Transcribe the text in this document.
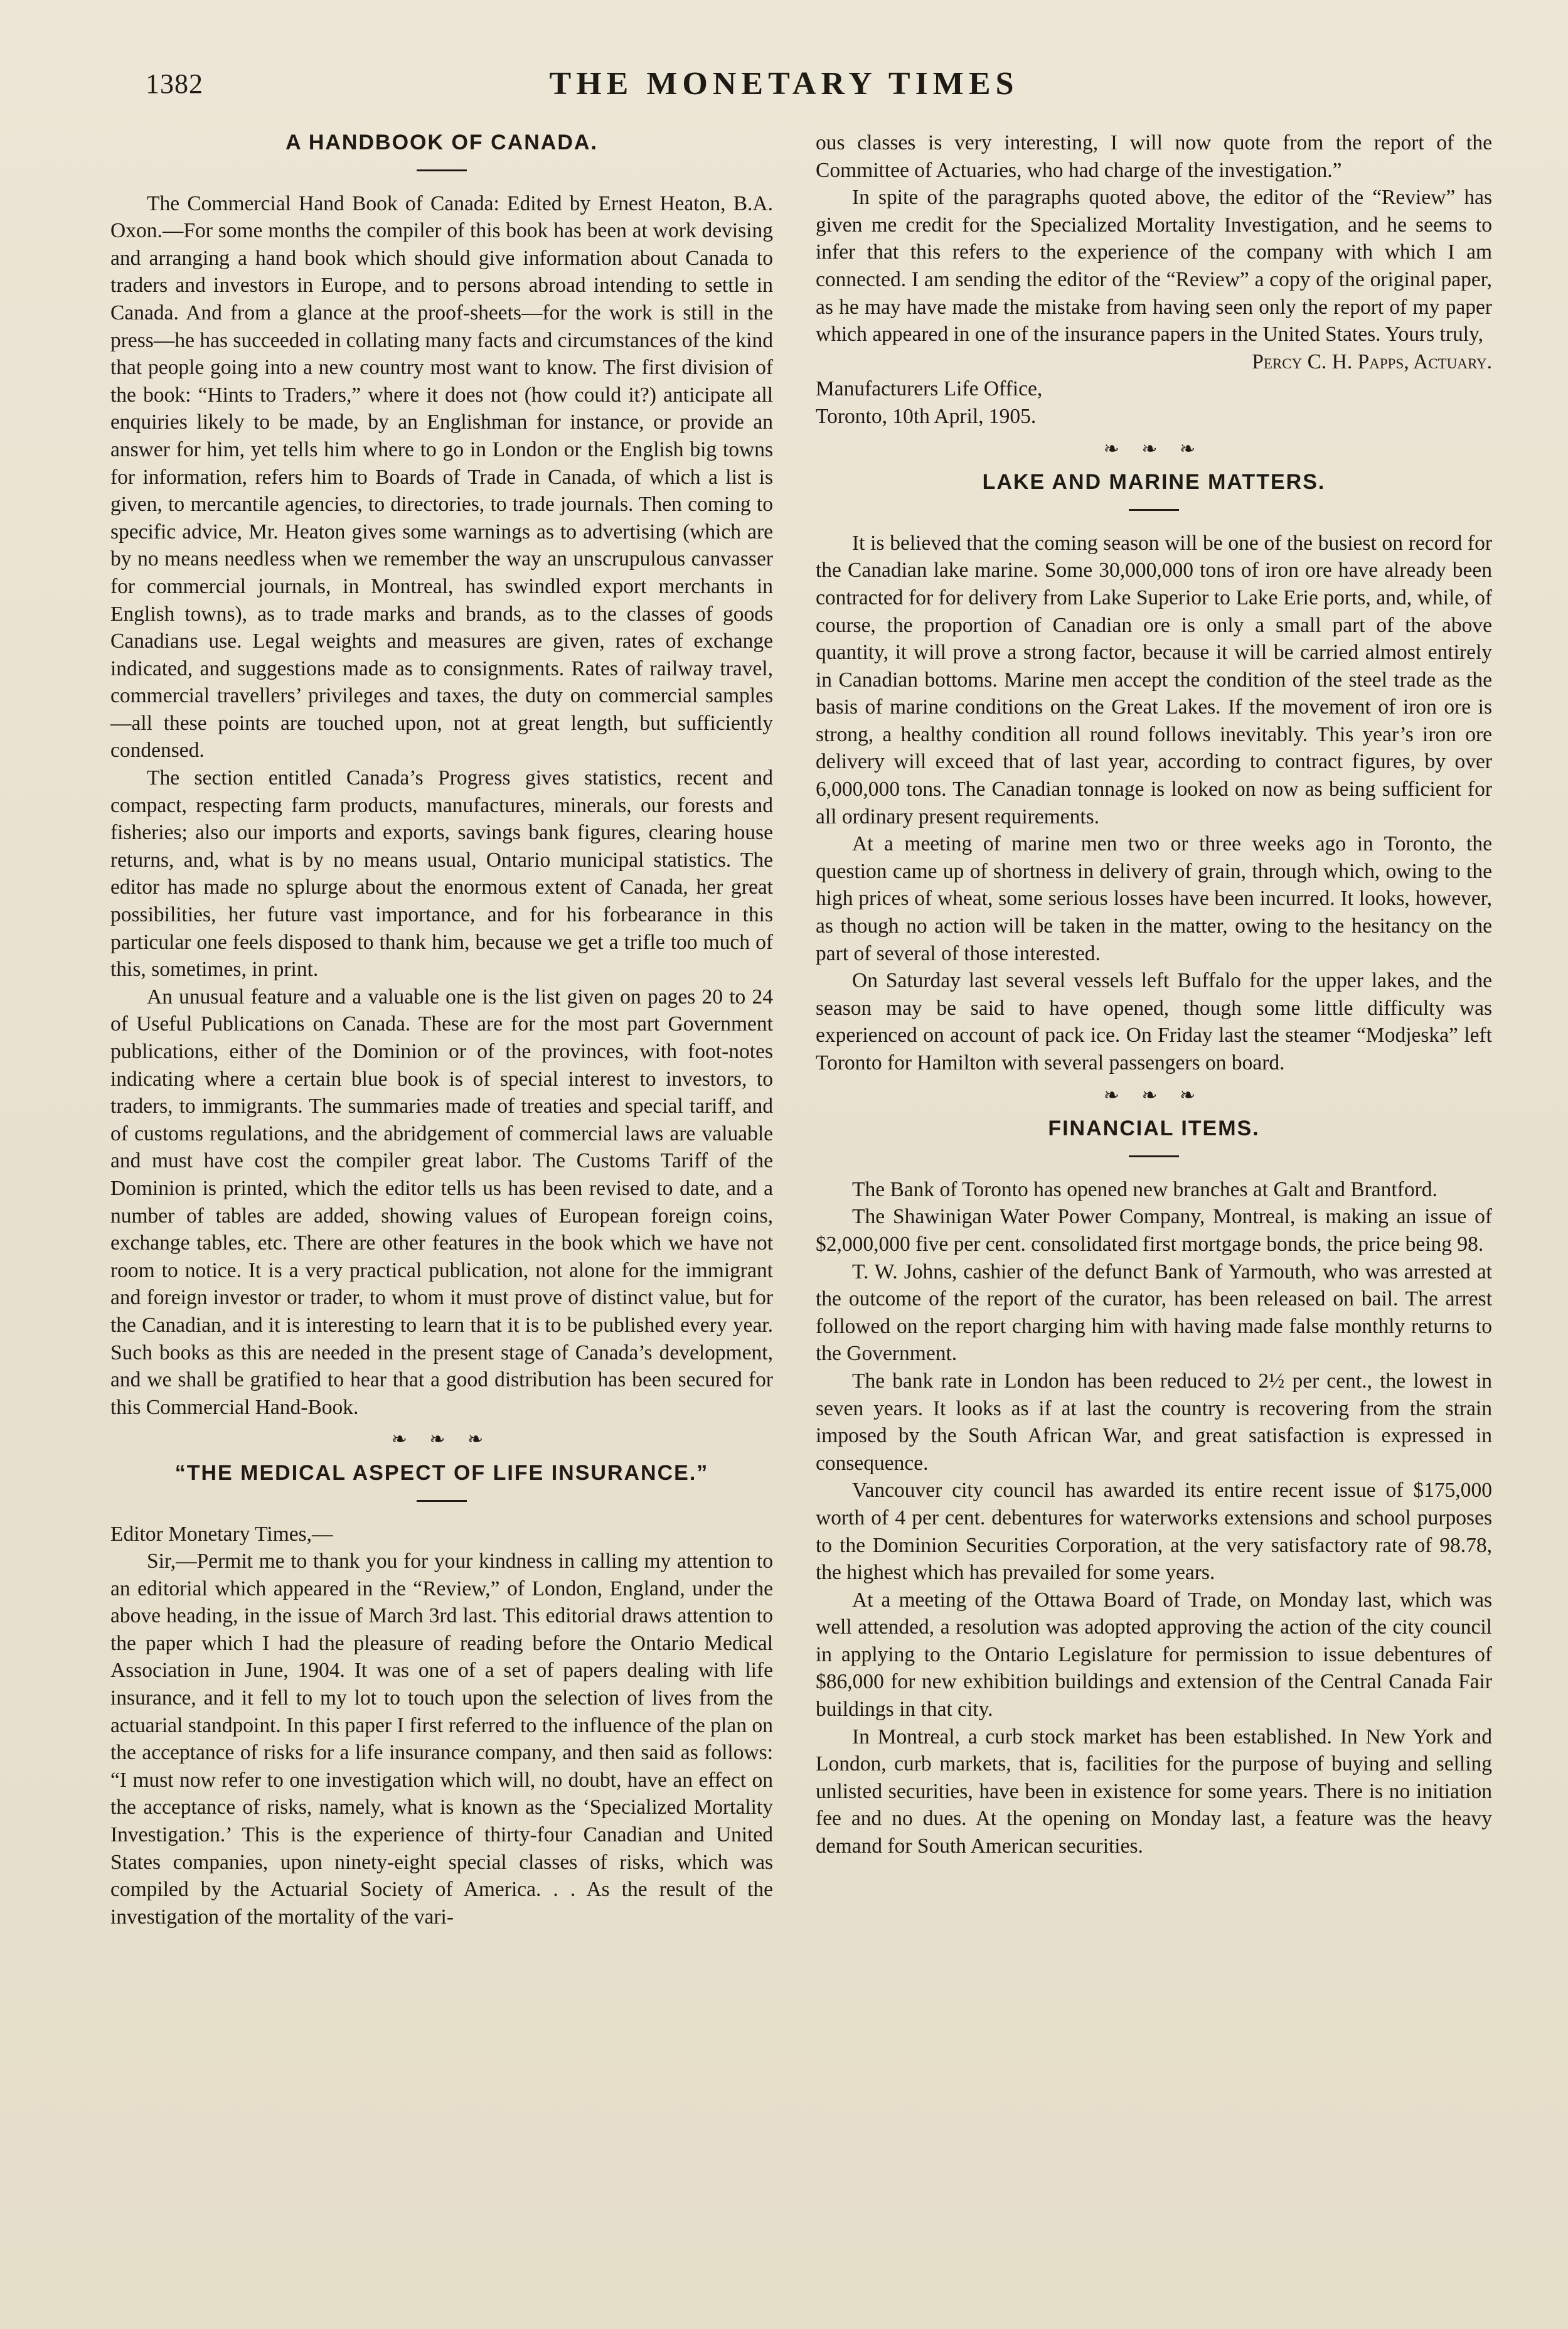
1382	THE MONETARY TIMES
A HANDBOOK OF CANADA.

The Commercial Hand Book of Canada: Edited by Ernest Heaton, B.A. Oxon.—For some months the compiler of this book has been at work devising and arranging a hand book which should give information about Canada to traders and investors in Europe, and to persons abroad intending to settle in Canada. And from a glance at the proof-sheets—for the work is still in the press—he has succeeded in collating many facts and circumstances of the kind that people going into a new country most want to know. The first division of the book: “Hints to Traders,” where it does not (how could it?) anticipate all enquiries likely to be made, by an Englishman for instance, or provide an answer for him, yet tells him where to go in London or the English big towns for information, refers him to Boards of Trade in Canada, of which a list is given, to mercantile agencies, to directories, to trade journals. Then coming to specific advice, Mr. Heaton gives some warnings as to advertising (which are by no means needless when we remember the way an unscrupulous canvasser for commercial journals, in Montreal, has swindled export merchants in English towns), as to trade marks and brands, as to the classes of goods Canadians use. Legal weights and measures are given, rates of exchange indicated, and suggestions made as to consignments. Rates of railway travel, commercial travellers’ privileges and taxes, the duty on commercial samples—all these points are touched upon, not at great length, but sufficiently condensed.

The section entitled Canada’s Progress gives statistics, recent and compact, respecting farm products, manufactures, minerals, our forests and fisheries; also our imports and exports, savings bank figures, clearing house returns, and, what is by no means usual, Ontario municipal statistics. The editor has made no splurge about the enormous extent of Canada, her great possibilities, her future vast importance, and for his forbearance in this particular one feels disposed to thank him, because we get a trifle too much of this, sometimes, in print.

An unusual feature and a valuable one is the list given on pages 20 to 24 of Useful Publications on Canada. These are for the most part Government publications, either of the Dominion or of the provinces, with foot-notes indicating where a certain blue book is of special interest to investors, to traders, to immigrants. The summaries made of treaties and special tariff, and of customs regulations, and the abridgement of commercial laws are valuable and must have cost the compiler great labor. The Customs Tariff of the Dominion is printed, which the editor tells us has been revised to date, and a number of tables are added, showing values of European foreign coins, exchange tables, etc. There are other features in the book which we have not room to notice. It is a very practical publication, not alone for the immigrant and foreign investor or trader, to whom it must prove of distinct value, but for the Canadian, and it is interesting to learn that it is to be published every year. Such books as this are needed in the present stage of Canada’s development, and we shall be gratified to hear that a good distribution has been secured for this Commercial Hand-Book.

❧ ❧ ❧
“THE MEDICAL ASPECT OF LIFE INSURANCE.”

Editor Monetary Times,—

Sir,—Permit me to thank you for your kindness in calling my attention to an editorial which appeared in the “Review,” of London, England, under the above heading, in the issue of March 3rd last. This editorial draws attention to the paper which I had the pleasure of reading before the Ontario Medical Association in June, 1904. It was one of a set of papers dealing with life insurance, and it fell to my lot to touch upon the selection of lives from the actuarial standpoint. In this paper I first referred to the influence of the plan on the acceptance of risks for a life insurance company, and then said as follows: “I must now refer to one investigation which will, no doubt, have an effect on the acceptance of risks, namely, what is known as the ‘Specialized Mortality Investigation.’ This is the experience of thirty-four Canadian and United States companies, upon ninety-eight special classes of risks, which was compiled by the Actuarial Society of America. . . As the result of the investigation of the mortality of the vari-

ous classes is very interesting, I will now quote from the report of the Committee of Actuaries, who had charge of the investigation.”

In spite of the paragraphs quoted above, the editor of the “Review” has given me credit for the Specialized Mortality Investigation, and he seems to infer that this refers to the experience of the company with which I am connected. I am sending the editor of the “Review” a copy of the original paper, as he may have made the mistake from having seen only the report of my paper which appeared in one of the insurance papers in the United States. Yours truly,

Percy C. H. Papps, Actuary.

Manufacturers Life Office,

Toronto, 10th April, 1905.

❧ ❧ ❧
LAKE AND MARINE MATTERS.

It is believed that the coming season will be one of the busiest on record for the Canadian lake marine. Some 30,000,000 tons of iron ore have already been contracted for for delivery from Lake Superior to Lake Erie ports, and, while, of course, the proportion of Canadian ore is only a small part of the above quantity, it will prove a strong factor, because it will be carried almost entirely in Canadian bottoms. Marine men accept the condition of the steel trade as the basis of marine conditions on the Great Lakes. If the movement of iron ore is strong, a healthy condition all round follows inevitably. This year’s iron ore delivery will exceed that of last year, according to contract figures, by over 6,000,000 tons. The Canadian tonnage is looked on now as being sufficient for all ordinary present requirements.

At a meeting of marine men two or three weeks ago in Toronto, the question came up of shortness in delivery of grain, through which, owing to the high prices of wheat, some serious losses have been incurred. It looks, however, as though no action will be taken in the matter, owing to the hesitancy on the part of several of those interested.

On Saturday last several vessels left Buffalo for the upper lakes, and the season may be said to have opened, though some little difficulty was experienced on account of pack ice. On Friday last the steamer “Modjeska” left Toronto for Hamilton with several passengers on board.

❧ ❧ ❧
FINANCIAL ITEMS.

The Bank of Toronto has opened new branches at Galt and Brantford.

The Shawinigan Water Power Company, Montreal, is making an issue of $2,000,000 five per cent. consolidated first mortgage bonds, the price being 98.

T. W. Johns, cashier of the defunct Bank of Yarmouth, who was arrested at the outcome of the report of the curator, has been released on bail. The arrest followed on the report charging him with having made false monthly returns to the Government.

The bank rate in London has been reduced to 2½ per cent., the lowest in seven years. It looks as if at last the country is recovering from the strain imposed by the South African War, and great satisfaction is expressed in consequence.

Vancouver city council has awarded its entire recent issue of $175,000 worth of 4 per cent. debentures for waterworks extensions and school purposes to the Dominion Securities Corporation, at the very satisfactory rate of 98.78, the highest which has prevailed for some years.

At a meeting of the Ottawa Board of Trade, on Monday last, which was well attended, a resolution was adopted approving the action of the city council in applying to the Ontario Legislature for permission to issue debentures of $86,000 for new exhibition buildings and extension of the Central Canada Fair buildings in that city.

In Montreal, a curb stock market has been established. In New York and London, curb markets, that is, facilities for the purpose of buying and selling unlisted securities, have been in existence for some years. There is no initiation fee and no dues. At the opening on Monday last, a feature was the heavy demand for South American securities.
